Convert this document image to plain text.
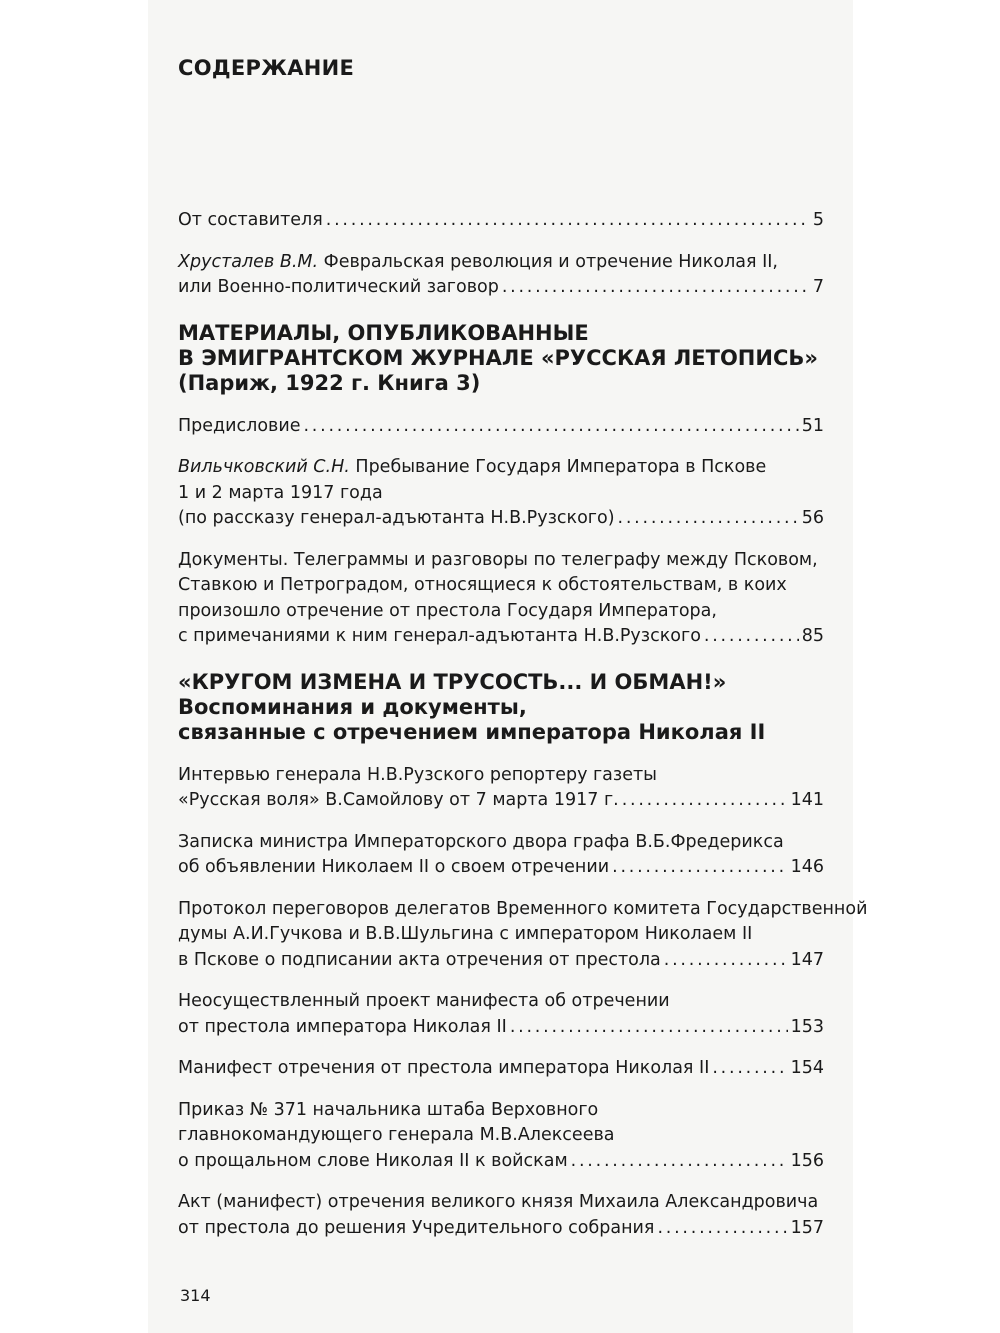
СОДЕРЖАНИЕ
От составителя . . .	5
Хрусталев В.М. Февральская революция и отречение Николая II,
или Военно-политический заговор . . .	7
МАТЕРИАЛЫ, ОПУБЛИКОВАННЫЕ
В ЭМИГРАНТСКОМ ЖУРНАЛЕ «РУССКАЯ ЛЕТОПИСЬ»
(Париж, 1922 г. Книга 3)
Предисловие . . .	51
Вильчковский С.Н. Пребывание Государя Императора в Пскове
1 и 2 марта 1917 года
(по рассказу генерал-адъютанта Н.В.Рузского) . . .	56
Документы. Телеграммы и разговоры по телеграфу между Псковом,
Ставкою и Петроградом, относящиеся к обстоятельствам, в коих
произошло отречение от престола Государя Императора,
с примечаниями к ним генерал-адъютанта Н.В.Рузского . . .	85
«КРУГОМ ИЗМЕНА И ТРУСОСТЬ... И ОБМАН!»
Воспоминания и документы,
связанные с отречением императора Николая II
Интервью генерала Н.В.Рузского репортеру газеты
«Русская воля» В.Самойлову от 7 марта 1917 г. . . .	141
Записка министра Императорского двора графа В.Б.Фредерикса
об объявлении Николаем II о своем отречении . . .	146
Протокол переговоров делегатов Временного комитета Государственной
думы А.И.Гучкова и В.В.Шульгина с императором Николаем II
в Пскове о подписании акта отречения от престола . . .	147
Неосуществленный проект манифеста об отречении
от престола императора Николая II . . .	153
Манифест отречения от престола императора Николая II . . .	154
Приказ № 371 начальника штаба Верховного
главнокомандующего генерала М.В.Алексеева
о прощальном слове Николая II к войскам . . .	156
Акт (манифест) отречения великого князя Михаила Александровича
от престола до решения Учредительного собрания . . .	157
314
